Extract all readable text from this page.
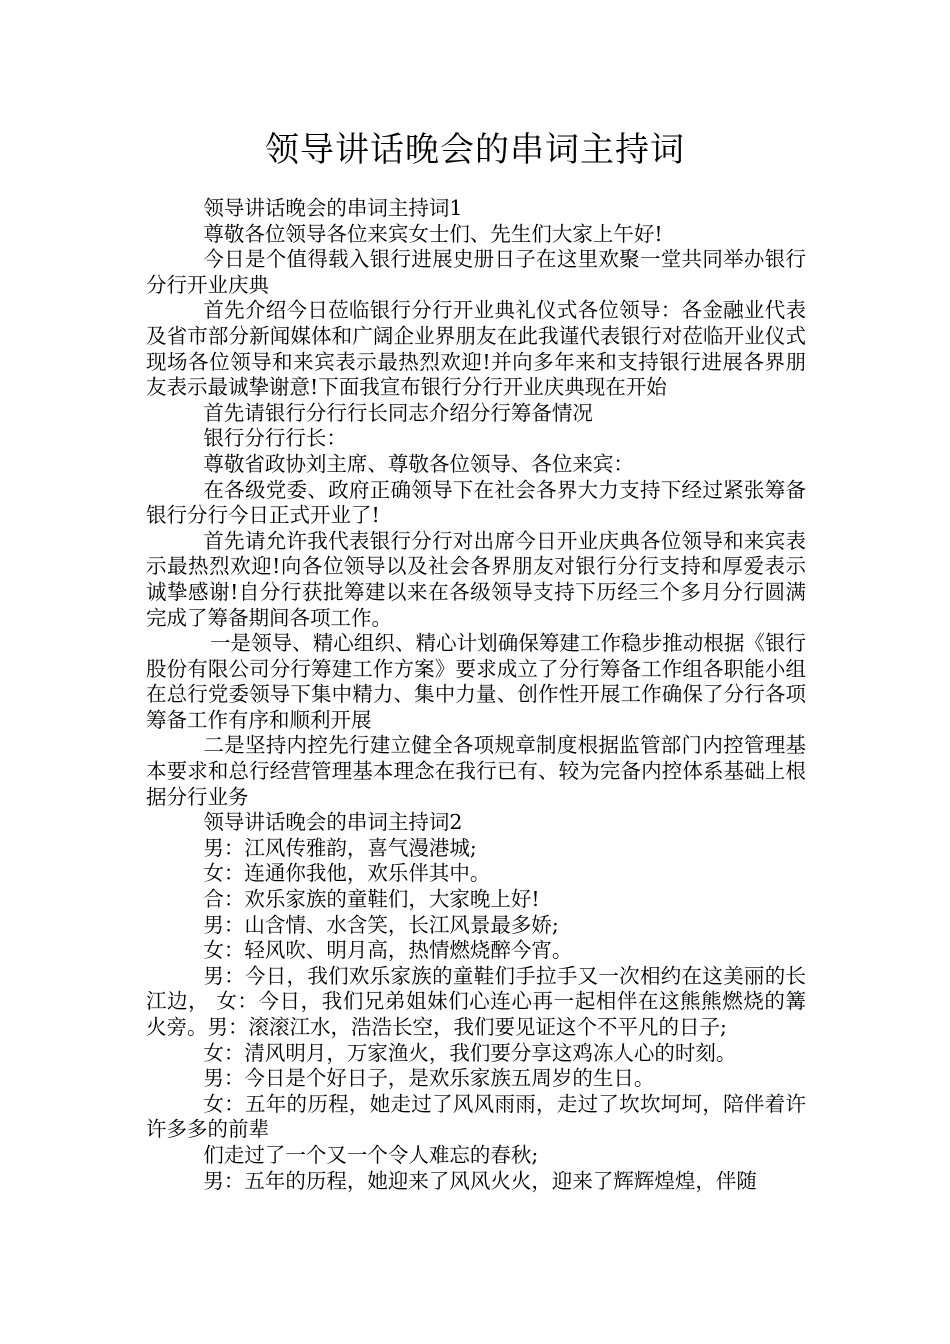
领导讲话晚会的串词主持词

领导讲话晚会的串词主持词1

尊敬各位领导各位来宾女士们、先生们大家上午好!

今日是个值得载入银行进展史册日子在这里欢聚一堂共同举办银行分行开业庆典

首先介绍今日莅临银行分行开业典礼仪式各位领导：各金融业代表及省市部分新闻媒体和广阔企业界朋友在此我谨代表银行对莅临开业仪式现场各位领导和来宾表示最热烈欢迎!并向多年来和支持银行进展各界朋友表示最诚挚谢意!下面我宣布银行分行开业庆典现在开始

首先请银行分行行长同志介绍分行筹备情况

银行分行行长：

尊敬省政协刘主席、尊敬各位领导、各位来宾：

在各级党委、政府正确领导下在社会各界大力支持下经过紧张筹备银行分行今日正式开业了!

首先请允许我代表银行分行对出席今日开业庆典各位领导和来宾表示最热烈欢迎!向各位领导以及社会各界朋友对银行分行支持和厚爱表示诚挚感谢!自分行获批筹建以来在各级领导支持下历经三个多月分行圆满完成了筹备期间各项工作。

一是领导、精心组织、精心计划确保筹建工作稳步推动根据《银行股份有限公司分行筹建工作方案》要求成立了分行筹备工作组各职能小组在总行党委领导下集中精力、集中力量、创作性开展工作确保了分行各项筹备工作有序和顺利开展

二是坚持内控先行建立健全各项规章制度根据监管部门内控管理基本要求和总行经营管理基本理念在我行已有、较为完备内控体系基础上根据分行业务

领导讲话晚会的串词主持词2

男：江风传雅韵，喜气漫港城;

女：连通你我他，欢乐伴其中。

合：欢乐家族的童鞋们，大家晚上好!

男：山含情、水含笑，长江风景最多娇;

女：轻风吹、明月高，热情燃烧醉今宵。

男：今日，我们欢乐家族的童鞋们手拉手又一次相约在这美丽的长江边， 女：今日，我们兄弟姐妹们心连心再一起相伴在这熊熊燃烧的篝火旁。男：滚滚江水，浩浩长空，我们要见证这个不平凡的日子;

女：清风明月，万家渔火，我们要分享这鸡冻人心的时刻。

男：今日是个好日子，是欢乐家族五周岁的生日。

女：五年的历程，她走过了风风雨雨，走过了坎坎坷坷，陪伴着许许多多的前辈

们走过了一个又一个令人难忘的春秋;

男：五年的历程，她迎来了风风火火，迎来了辉辉煌煌，伴随
